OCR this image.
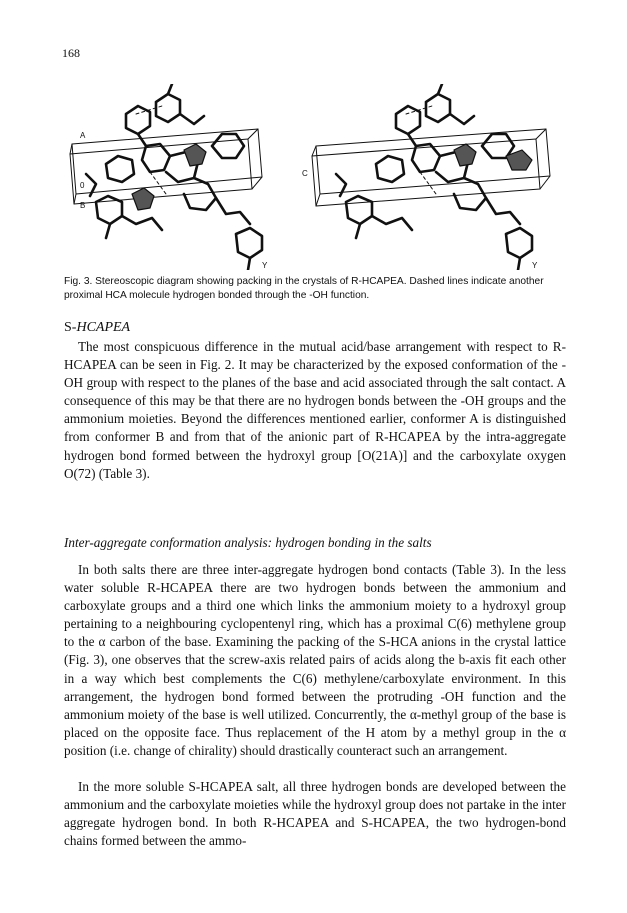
168
A
C
0
B
Y	Y
Fig. 3. Stereoscopic diagram showing packing in the crystals of R-HCAPEA. Dashed lines indicate another proximal HCA molecule hydrogen bonded through the -OH function.
S-HCAPEA
The most conspicuous difference in the mutual acid/base arrangement with respect to R-HCAPEA can be seen in Fig. 2. It may be characterized by the exposed conformation of the -OH group with respect to the planes of the base and acid associated through the salt contact. A consequence of this may be that there are no hydrogen bonds between the -OH groups and the ammonium moieties. Beyond the differences mentioned earlier, conformer A is distinguished from conformer B and from that of the anionic part of R-HCAPEA by the intra-aggregate hydrogen bond formed between the hydroxyl group [O(21A)] and the carboxylate oxygen O(72) (Table 3).
Inter-aggregate conformation analysis: hydrogen bonding in the salts
In both salts there are three inter-aggregate hydrogen bond contacts (Table 3). In the less water soluble R-HCAPEA there are two hydrogen bonds between the ammonium and carboxylate groups and a third one which links the ammonium moiety to a hydroxyl group pertaining to a neighbouring cyclopentenyl ring, which has a proximal C(6) methylene group to the α carbon of the base. Examining the packing of the S-HCA anions in the crystal lattice (Fig. 3), one observes that the screw-axis related pairs of acids along the b-axis fit each other in a way which best complements the C(6) methylene/carboxylate environment. In this arrangement, the hydrogen bond formed between the protruding -OH function and the ammonium moiety of the base is well utilized. Concurrently, the α-methyl group of the base is placed on the opposite face. Thus replacement of the H atom by a methyl group in the α position (i.e. change of chirality) should drastically counteract such an arrangement.
In the more soluble S-HCAPEA salt, all three hydrogen bonds are developed between the ammonium and the carboxylate moieties while the hydroxyl group does not partake in the inter aggregate hydrogen bond. In both R-HCAPEA and S-HCAPEA, the two hydrogen-bond chains formed between the ammo-
